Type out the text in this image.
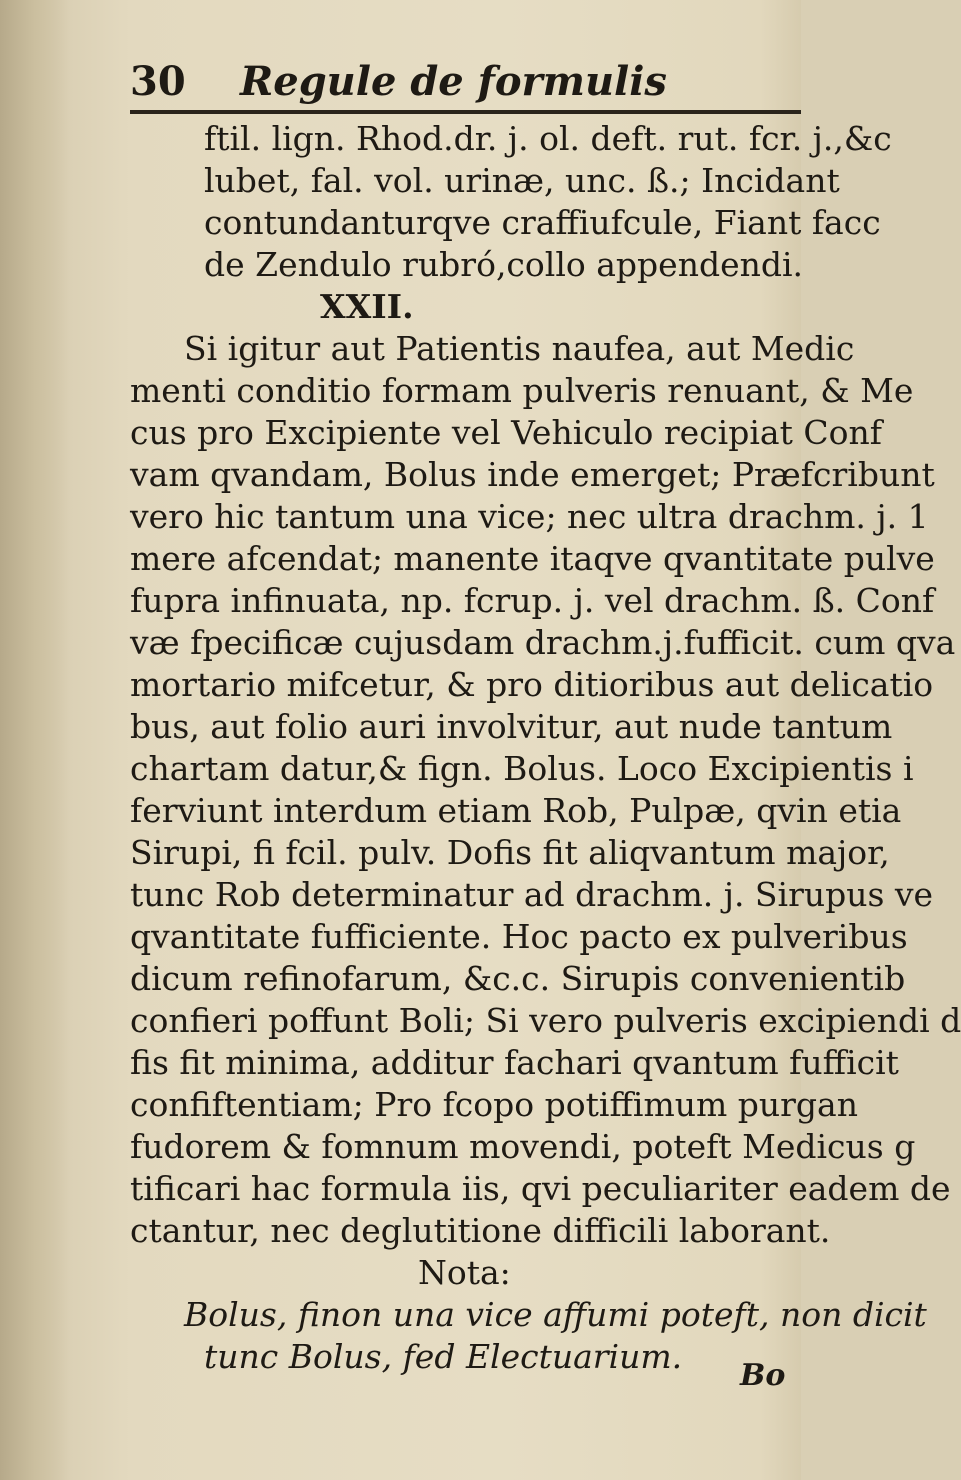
30 Regule de formulis
ftil. lign. Rhod.dr. j. ol. deft. rut. fcr. j.,&c
lubet, fal. vol. urinæ, unc. ß.; Incidant
contundanturqve craffiufcule, Fiant facc
de Zendulo rubró,collo appendendi.
XXII.
Si igitur aut Patientis naufea, aut Medic
menti conditio formam pulveris renuant, & Me
cus pro Excipiente vel Vehiculo recipiat Conf
vam qvandam, Bolus inde emerget; Præfcribunt
vero hic tantum una vice; nec ultra drachm. j. 1
mere afcendat; manente itaqve qvantitate pulve
fupra infinuata, np. fcrup. j. vel drachm. ß. Conf
væ fpecificæ cujusdam drachm.j.fufficit. cum qva
mortario mifcetur, & pro ditioribus aut delicatio
bus, aut folio auri involvitur, aut nude tantum
chartam datur,& fign. Bolus. Loco Excipientis i
ferviunt interdum etiam Rob, Pulpæ, qvin etia
Sirupi, fi fcil. pulv. Dofis fit aliqvantum major,
tunc Rob determinatur ad drachm. j. Sirupus ve
qvantitate fufficiente. Hoc pacto ex pulveribus
dicum refinofarum, &c.c. Sirupis convenientib
confieri poffunt Boli; Si vero pulveris excipiendi d
fis fit minima, additur fachari qvantum fufficit
confiftentiam; Pro fcopo potiffimum purgan
fudorem & fomnum movendi, poteft Medicus g
tificari hac formula iis, qvi peculiariter eadem de
ctantur, nec deglutitione difficili laborant.
Nota:
Bolus, finon una vice affumi poteft, non dicit
tunc Bolus, fed Electuarium.	Bo
